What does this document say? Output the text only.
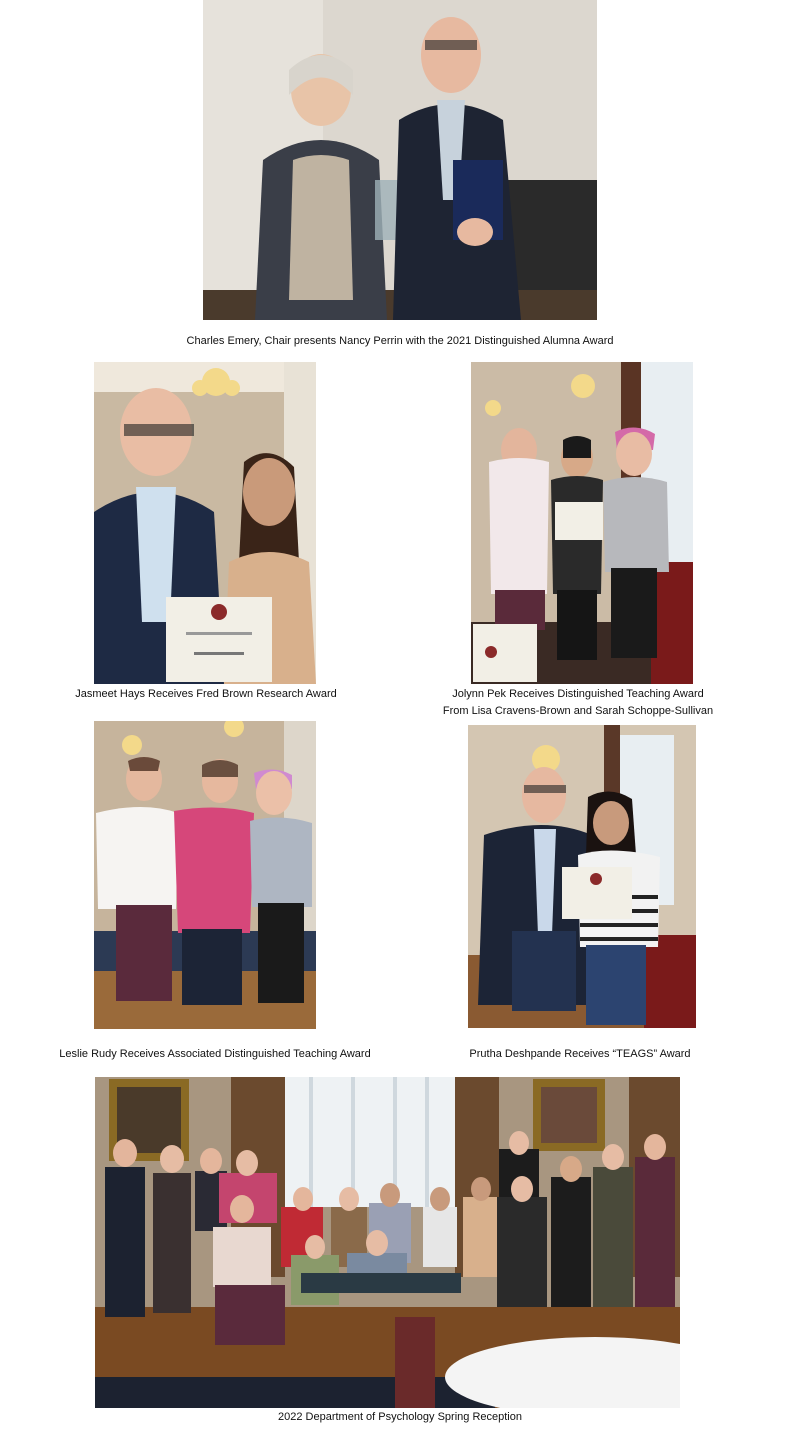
Charles Emery, Chair presents Nancy Perrin with the 2021 Distinguished Alumna Award
Jasmeet Hays Receives Fred Brown Research Award	Jolynn Pek Receives Distinguished Teaching Award
From Lisa Cravens-Brown and Sarah Schoppe-Sullivan
Leslie Rudy Receives Associated Distinguished Teaching Award	Prutha Deshpande Receives “TEAGS” Award
2022 Department of Psychology Spring Reception
